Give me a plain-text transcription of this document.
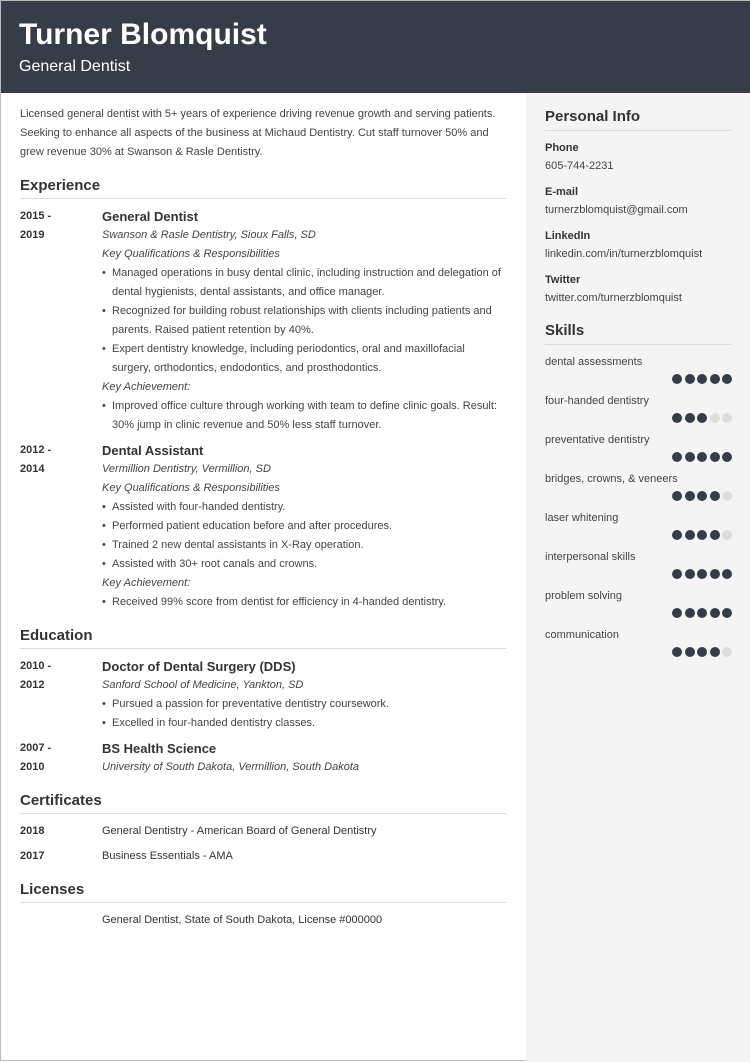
Turner Blomquist
General Dentist

Licensed general dentist with 5+ years of experience driving revenue growth and serving patients. Seeking to enhance all aspects of the business at Michaud Dentistry. Cut staff turnover 50% and grew revenue 30% at Swanson & Rasle Dentistry.

Experience
2015 -
2019
General Dentist
Swanson & Rasle Dentistry, Sioux Falls, SD
Key Qualifications & Responsibilities
• Managed operations in busy dental clinic, including instruction and delegation of dental hygienists, dental assistants, and office manager.
• Recognized for building robust relationships with clients including patients and parents. Raised patient retention by 40%.
• Expert dentistry knowledge, including periodontics, oral and maxillofacial surgery, orthodontics, endodontics, and prosthodontics.
Key Achievement:
• Improved office culture through working with team to define clinic goals. Result: 30% jump in clinic revenue and 50% less staff turnover.
2012 -
2014
Dental Assistant
Vermillion Dentistry, Vermillion, SD
Key Qualifications & Responsibilities
• Assisted with four-handed dentistry.
• Performed patient education before and after procedures.
• Trained 2 new dental assistants in X-Ray operation.
• Assisted with 30+ root canals and crowns.
Key Achievement:
• Received 99% score from dentist for efficiency in 4-handed dentistry.
Education
2010 -
2012
Doctor of Dental Surgery (DDS)
Sanford School of Medicine, Yankton, SD
• Pursued a passion for preventative dentistry coursework.
• Excelled in four-handed dentistry classes.
2007 -
2010
BS Health Science
University of South Dakota, Vermillion, South Dakota
Certificates
2018	General Dentistry - American Board of General Dentistry
2017	Business Essentials - AMA
Licenses
General Dentist, State of South Dakota, License #000000
Personal Info
Phone
605-744-2231
E-mail
turnerzblomquist@gmail.com
LinkedIn
linkedin.com/in/turnerzblomquist
Twitter
twitter.com/turnerzblomquist
Skills
dental assessments
four-handed dentistry
preventative dentistry
bridges, crowns, & veneers
laser whitening
interpersonal skills
problem solving
communication
